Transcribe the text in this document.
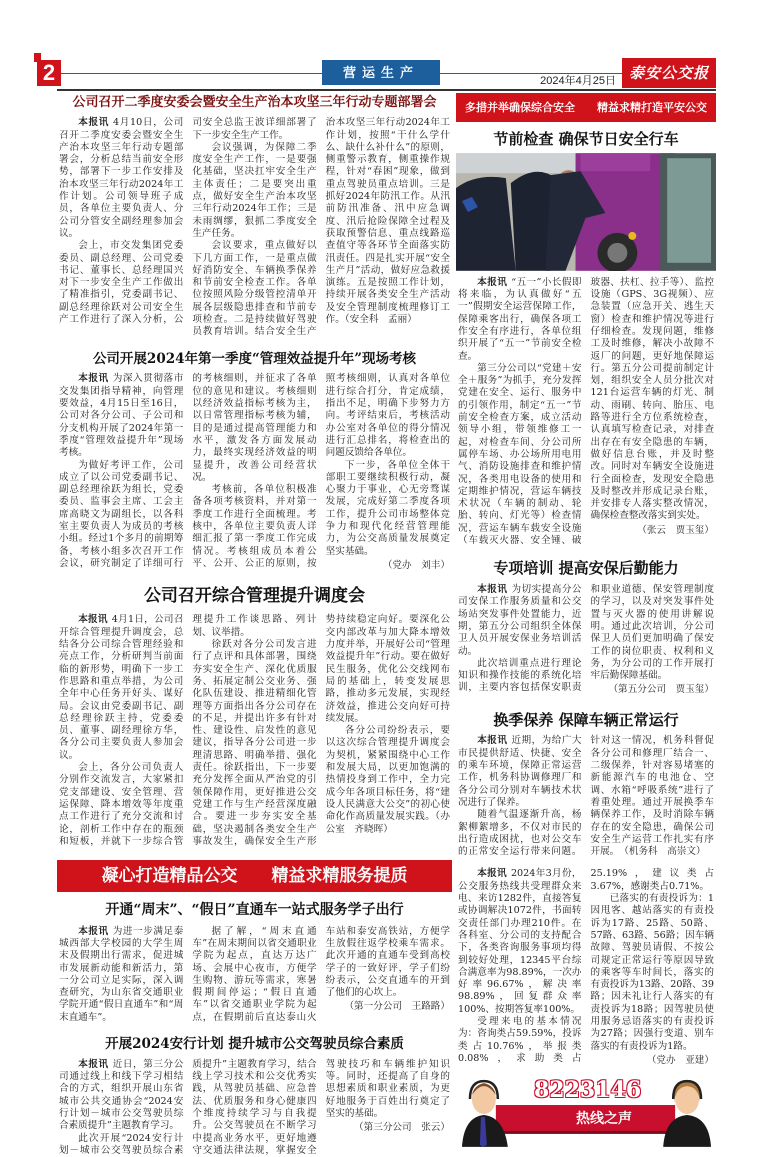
2	营运生产
2024年4月25日 泰安公交报
公司召开二季度安委会暨安全生产治本攻坚三年行动专题部署会

本报讯 4月10日，公司召开二季度安委会暨安全生产治本攻坚三年行动专题部署会，分析总结当前安全形势，部署下一步工作安排及治本攻坚三年行动2024年工作计划。公司领导班子成员，各单位主要负责人、分公司分管安全副经理参加会议。

会上，市交发集团党委委员、副总经理、公司党委书记、董事长、总经理国兴对下一步安全生产工作做出了精准指引，党委副书记、副总经理徐跃对公司安全生产工作进行了深入分析，公司安全总监王波详细部署了下一步安全生产工作。

会议强调，为保障二季度安全生产工作，一是要强化基础，坚决扛牢安全生产主体责任；二是要突出重点，做好安全生产治本攻坚三年行动2024年工作；三是未雨绸缪，狠抓二季度安全生产任务。

会议要求，重点做好以下几方面工作，一是重点做好消防安全、车辆换季保养和节前安全检查工作。各单位按照风险分级管控清单开展各层级隐患排查和节前专项检查。二是持续做好驾驶员教育培训。结合安全生产治本攻坚三年行动2024年工作计划，按照“干什么学什么、缺什么补什么”的原则，侧重警示教育，侧重操作规程，针对“春困”现象，做到重点驾驶员重点培训。三是抓好2024年防汛工作。从汛前防汛准备、汛中应急调度、汛后抢险保障全过程及获取预警信息、重点线路巡查值守等各环节全面落实防汛责任。四是扎实开展“安全生产月”活动，做好应急救援演练。五是按照工作计划，持续开展各类安全生产活动及安全管理制度梳理修订工作。（安全科　孟丽）

公司开展2024年第一季度“管理效益提升年”现场考核

本报讯 为深入贯彻落市交发集团指导精神，向管理要效益，4月15日至16日，公司对各分公司、子公司和分支机构开展了2024年第一季度“管理效益提升年”现场考核。

为做好考评工作，公司成立了以公司党委副书记、副总经理徐跃为组长，党委委员、监事会主席、工会主席高晓文为副组长，以各科室主要负责人为成员的考核小组。经过1个多月的前期筹备，考核小组多次召开工作会议，研究制定了详细可行的考核细则，并征求了各单位的意见和建议。考核细则以经济效益指标考核为主，以日常管理指标考核为辅，目的是通过提高管理能力和水平，激发各方面发展动力，最终实现经济效益的明显提升，改善公司经营状况。

考核前，各单位积极准备各项考核资料，并对第一季度工作进行全面梳理。考核中，各单位主要负责人详细汇报了第一季度工作完成情况。考核组成员本着公平、公开、公正的原则，按照考核细则，认真对各单位进行综合打分，肯定成绩，指出不足，明确下步努力方向。考评结束后，考核活动办公室对各单位的得分情况进行汇总排名，将检查出的问题反馈给各单位。

下一步，各单位全体干部职工要继续积极行动，凝心聚力于事业，心无旁骛谋发展，完成好第二季度各项工作，提升公司市场整体竞争力和现代化经营管理能力，为公交高质量发展奠定坚实基础。

（党办　刘丰）
公司召开综合管理提升调度会

本报讯 4月1日，公司召开综合管理提升调度会，总结各分公司综合管理经验和亮点工作，分析研判当前面临的新形势，明确下一步工作思路和重点举措，为公司全年中心任务开好头、谋好局。会议由党委副书记、副总经理徐跃主持，党委委员、董事、副经理徐方华，各分公司主要负责人参加会议。

会上，各分公司负责人分别作交流发言，大家紧扣党支部建设、安全管理、营运保障、降本增效等年度重点工作进行了充分交流和讨论，剖析工作中存在的瓶颈和短板，并就下一步综合管理提升工作谈思路、列计划、议举措。

徐跃对各分公司发言进行了点评和具体部署，围绕夯实安全生产、深化优质服务、拓展定制公交业务、强化队伍建设、推进精细化管理等方面指出各分公司存在的不足，并提出许多有针对性、建设性、启发性的意见建议，指导各分公司进一步理清思路、明确举措、强化责任。徐跃指出，下一步要充分发挥全面从严治党的引领保障作用，更好推进公交党建工作与生产经营深度融合。要进一步夯实安全基础，坚决遏制各类安全生产事故发生，确保安全生产形势持续稳定向好。要深化公交内部改革与加大降本增效力度并举，开展好公司“管理效益提升年”行动。要在做好民生服务，优化公交线网布局的基础上，转变发展思路，推动多元发展，实现经济效益，推进公交向好可持续发展。

各分公司纷纷表示，要以这次综合管理提升调度会为契机，紧紧围绕中心工作和发展大局，以更加饱满的热情投身到工作中，全力完成今年各项目标任务，将“建设人民满意大公交”的初心使命化作高质量发展实践。（办公室　齐晓晖）

凝心打造精品公交　　精益求精服务提质
开通“周末”、“假日”直通车一站式服务学子出行

本报讯 为进一步满足泰城西部大学校园的大学生周末及假期出行需求，促进城市发展新动能和新活力，第一分公司立足实际，深入调查研究，为山东省交通职业学院开通“假日直通车”和“周末直通车”。

据了解，“周末直通车”在周末期间以省交通职业学院为起点，直达万达广场、会展中心夜市，方便学生购物、游玩等需求，寒暑假期间停运；“假日直通车”以省交通职业学院为起点，在假期前后直达泰山火车站和泰安高铁站，方便学生放假往返学校乘车需求。此次开通的直通车受到高校学子的一致好评，学子们纷纷表示，公交直通车的开到了他们的心坎上。

（第一分公司　王路路）
开展2024安行计划 提升城市公交驾驶员综合素质

本报讯 近日，第三分公司通过线上和线下学习相结合的方式，组织开展山东省城市公共交通协会“2024安行计划－城市公交驾驶员综合素质提升”主题教育学习。

此次开展“2024安行计划－城市公交驾驶员综合素质提升”主题教育学习，结合线上学习技术和公交优秀实践，从驾驶员基础、应急普法、优质服务和身心健康四个维度持续学习与自我提升。公交驾驶员在不断学习中提高业务水平，更好地遵守交通法律法规，掌握安全驾驶技巧和车辆维护知识等。同时，还提高了自身的思想素质和职业素质，为更好地服务于百姓出行奠定了坚实的基础。

（第三分公司　张云）
多措并举确保综合安全　　精益求精打造平安公交
节前检查 确保节日安全行车

本报讯 “五一”小长假即将来临，为认真做好“五一”假期安全运营保障工作，保障乘客出行，确保各项工作安全有序进行，各单位组织开展了“五一”节前安全检查。

第三分公司以“党建＋安全＋服务”为抓手，充分发挥党建在安全、运行、服务中的引领作用，制定“五一”节前安全检查方案，成立活动领导小组，带领维修工一起，对检查车间、分公司所属停车场、办公场所用电用气、消防设施排查和维护情况，各类用电设备的使用和定期维护情况，营运车辆技术状况（车辆的制动、轮胎、转向、灯光等）检查情况，营运车辆车载安全设施（车载灭火器、安全锤、破玻器、扶杠、拉手等）、监控设施（GPS、3G视频）、应急装置（应急开关、逃生天窗）检查和维护情况等进行仔细检查。发现问题，维修工及时维修，解决小故障不返厂的问题，更好地保障运行。第五分公司提前制定计划，组织安全人员分批次对121台运营车辆的灯光、制动、雨刷、转向、胎压、电路等进行全方位系统检查，认真填写检查记录，对排查出存在有安全隐患的车辆，做好信息台账，并及时整改。同时对车辆安全设施进行全面检查，发现安全隐患及时整改并形成记录台账，并安排专人落实整改情况，确保检查整改落实到实处。

（张云　贾玉玺）
专项培训 提高安保后勤能力

本报讯 为切实提高分公司安保工作服务质量和公交场站突发事件处置能力，近期，第五分公司组织全体保卫人员开展安保业务培训活动。

此次培训重点进行理论知识和操作技能的系统化培训，主要内容包括保安职责和职业道德、保安管理制度的学习，以及对突发事件处置与灭火器的使用讲解说明。通过此次培训，分公司保卫人员们更加明确了保安工作的岗位职责、权利和义务，为分公司的工作开展打牢后勤保障基础。

（第五分公司　贾玉玺）
换季保养 保障车辆正常运行

本报讯 近期，为给广大市民提供舒适、快捷、安全的乘车环境，保障正常运营工作，机务科协调修理厂和各分公司分别对车辆技术状况进行了保养。

随着气温逐渐升高，杨絮柳絮增多，不仅对市民的出行造成困扰，也对公交车的正常安全运行带来问题。针对这一情况，机务科督促各分公司和修理厂结合一、二级保养，针对容易堵塞的新能源汽车的电池仓、空调、水箱“呼吸系统”进行了着重处理。通过开展换季车辆保养工作，及时消除车辆存在的安全隐患，确保公司安全生产运营工作扎实有序开展。　（机务科　高崇文）

本报讯 2024年3月份，公交服务热线共受理群众来电、来访1282件，直接答复或协调解决1072件，书面转交责任部门办理210件。在各科室、分公司的支持配合下，各类咨询服务事项均得到较好处理，12345平台综合满意率为98.89%，一次办好率96.67%，解决率98.89%，回复群众率100%、按期答复率100%。

受理来电的基本情况为：咨询类占59.59%，投诉类占10.76%，举报类0.08%，求助类占25.19%，建议类占3.67%，感谢类占0.71%。

已落实的有责投诉为：1因甩客、越站落实的有责投诉为17路、25路、50路、57路、63路、56路；因车辆故障、驾驶员请假、不按公司规定正常运行等原因导致的乘客等车时间长，落实的有责投诉为13路、20路、39路；因未礼让行人落实的有责投诉为18路；因驾驶员使用服务忌语落实的有责投诉为27路；因强行变道、别车落实的有责投诉为1路。

（党办　亚建）
8223146
热线之声
